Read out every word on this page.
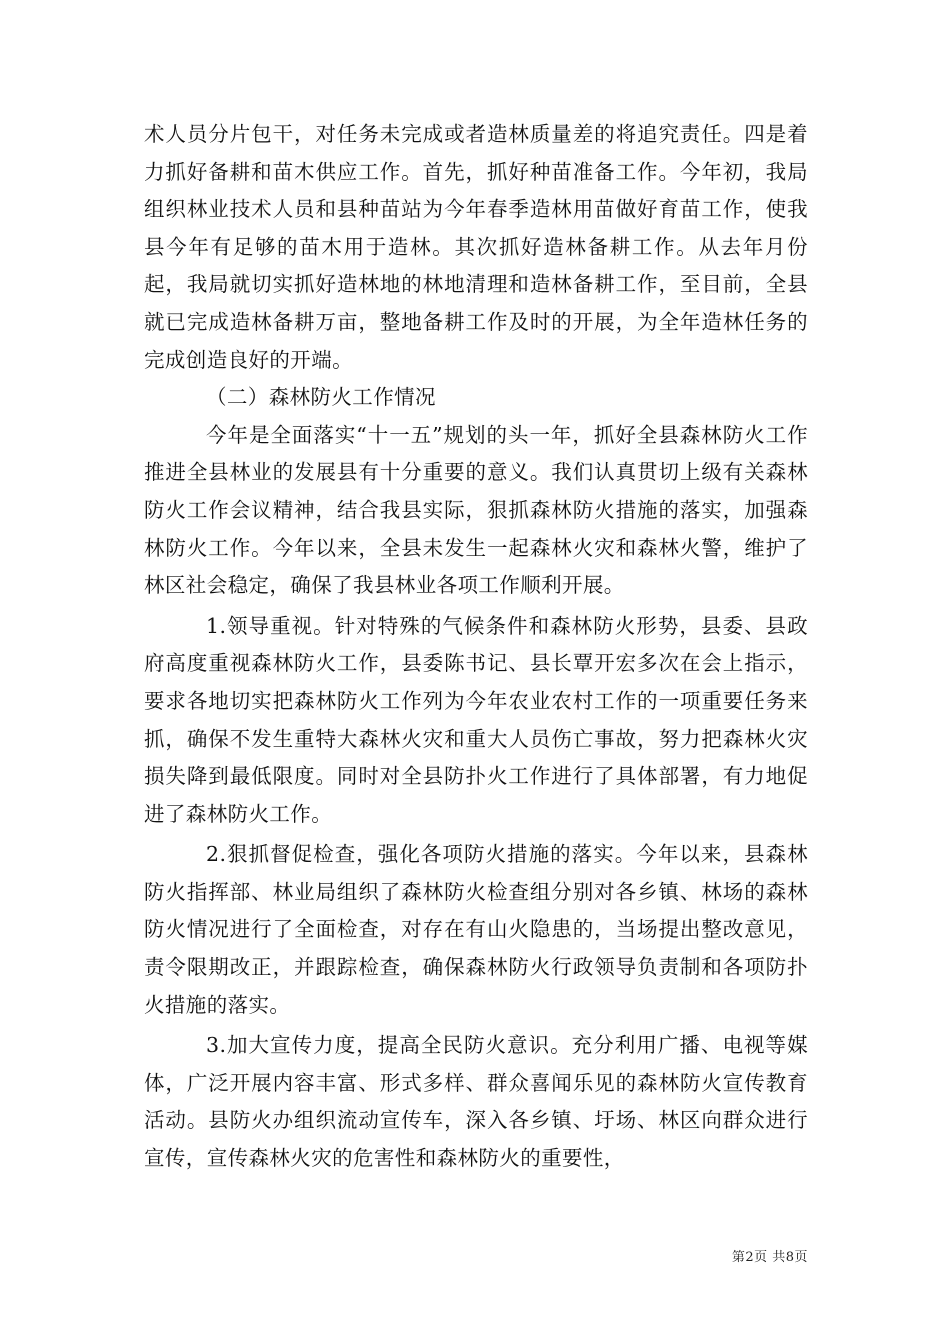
术人员分片包干，对任务未完成或者造林质量差的将追究责任。四是着力抓好备耕和苗木供应工作。首先，抓好种苗准备工作。今年初，我局组织林业技术人员和县种苗站为今年春季造林用苗做好育苗工作，使我县今年有足够的苗木用于造林。其次抓好造林备耕工作。从去年月份起，我局就切实抓好造林地的林地清理和造林备耕工作，至目前，全县就已完成造林备耕万亩，整地备耕工作及时的开展，为全年造林任务的完成创造良好的开端。

（二）森林防火工作情况

今年是全面落实“十一五”规划的头一年，抓好全县森林防火工作推进全县林业的发展县有十分重要的意义。我们认真贯切上级有关森林防火工作会议精神，结合我县实际，狠抓森林防火措施的落实，加强森林防火工作。今年以来，全县未发生一起森林火灾和森林火警，维护了林区社会稳定，确保了我县林业各项工作顺利开展。

1.领导重视。针对特殊的气候条件和森林防火形势，县委、县政府高度重视森林防火工作，县委陈书记、县长覃开宏多次在会上指示，要求各地切实把森林防火工作列为今年农业农村工作的一项重要任务来抓，确保不发生重特大森林火灾和重大人员伤亡事故，努力把森林火灾损失降到最低限度。同时对全县防扑火工作进行了具体部署，有力地促进了森林防火工作。

2.狠抓督促检查，强化各项防火措施的落实。今年以来，县森林防火指挥部、林业局组织了森林防火检查组分别对各乡镇、林场的森林防火情况进行了全面检查，对存在有山火隐患的，当场提出整改意见，责令限期改正，并跟踪检查，确保森林防火行政领导负责制和各项防扑火措施的落实。

3.加大宣传力度，提高全民防火意识。充分利用广播、电视等媒体，广泛开展内容丰富、形式多样、群众喜闻乐见的森林防火宣传教育活动。县防火办组织流动宣传车，深入各乡镇、圩场、林区向群众进行宣传，宣传森林火灾的危害性和森林防火的重要性，

第2页 共8页
